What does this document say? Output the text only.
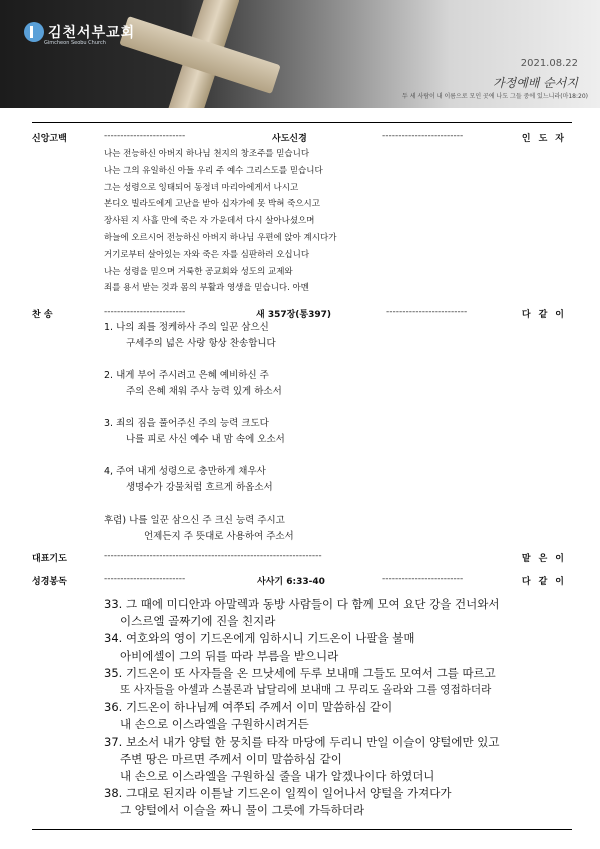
김천서부교회
Gimcheon Seobu Church
2021.08.22
가정예배 순서지
두 세 사람이 내 이름으로 모인 곳에 나도 그들 중에 있느니라(마18:20)
신앙고백	-------------------------	사도신경	-------------------------	인도자
나는 전능하신 아버지 하나님 천지의 창조주를 믿습니다
나는 그의 유일하신 아들 우리 주 예수 그리스도를 믿습니다
그는 성령으로 잉태되어 동정녀 마리아에게서 나시고
본디오 빌라도에게 고난을 받아 십자가에 못 박혀 죽으시고
장사된 지 사흘 만에 죽은 자 가운데서 다시 살아나셨으며
하늘에 오르시어 전능하신 아버지 하나님 우편에 앉아 계시다가
거기로부터 살아있는 자와 죽은 자를 심판하러 오십니다
나는 성령을 믿으며 거룩한 공교회와 성도의 교제와
죄를 용서 받는 것과 몸의 부활과 영생을 믿습니다. 아멘
찬 송	-------------------------	새 357장(통397)	-------------------------	다같이
1. 나의 죄를 정케하사 주의 일꾼 삼으신
구세주의 넓은 사랑 항상 찬송합니다
2. 내게 부어 주시려고 은혜 예비하신 주
주의 은혜 채워 주사 능력 있게 하소서
3. 죄의 짐을 풀어주신 주의 능력 크도다
나를 피로 사신 예수 내 맘 속에 오소서
4, 주여 내게 성령으로 충만하게 채우사
생명수가 강물처럼 흐르게 하옵소서
후렴) 나를 일꾼 삼으신 주 크신 능력 주시고
언제든지 주 뜻대로 사용하여 주소서
대표기도	-------------------------------------------------------------------	맡은이
성경봉독	-------------------------	사사기 6:33-40	-------------------------	다같이
33. 그 때에 미디안과 아말렉과 동방 사람들이 다 함께 모여 요단 강을 건너와서
이스르엘 골짜기에 진을 친지라
34. 여호와의 영이 기드온에게 임하시니 기드온이 나팔을 불매
아비에셀이 그의 뒤를 따라 부름을 받으니라
35. 기드온이 또 사자들을 온 므낫세에 두루 보내매 그들도 모여서 그를 따르고
또 사자들을 아셀과 스불론과 납달리에 보내매 그 무리도 올라와 그를 영접하더라
36. 기드온이 하나님께 여쭈되 주께서 이미 말씀하심 같이
내 손으로 이스라엘을 구원하시려거든
37. 보소서 내가 양털 한 뭉치를 타작 마당에 두리니 만일 이슬이 양털에만 있고
주변 땅은 마르면 주께서 이미 말씀하심 같이
내 손으로 이스라엘을 구원하실 줄을 내가 알겠나이다 하였더니
38. 그대로 된지라 이튿날 기드온이 일찍이 일어나서 양털을 가져다가
그 양털에서 이슬을 짜니 물이 그릇에 가득하더라
